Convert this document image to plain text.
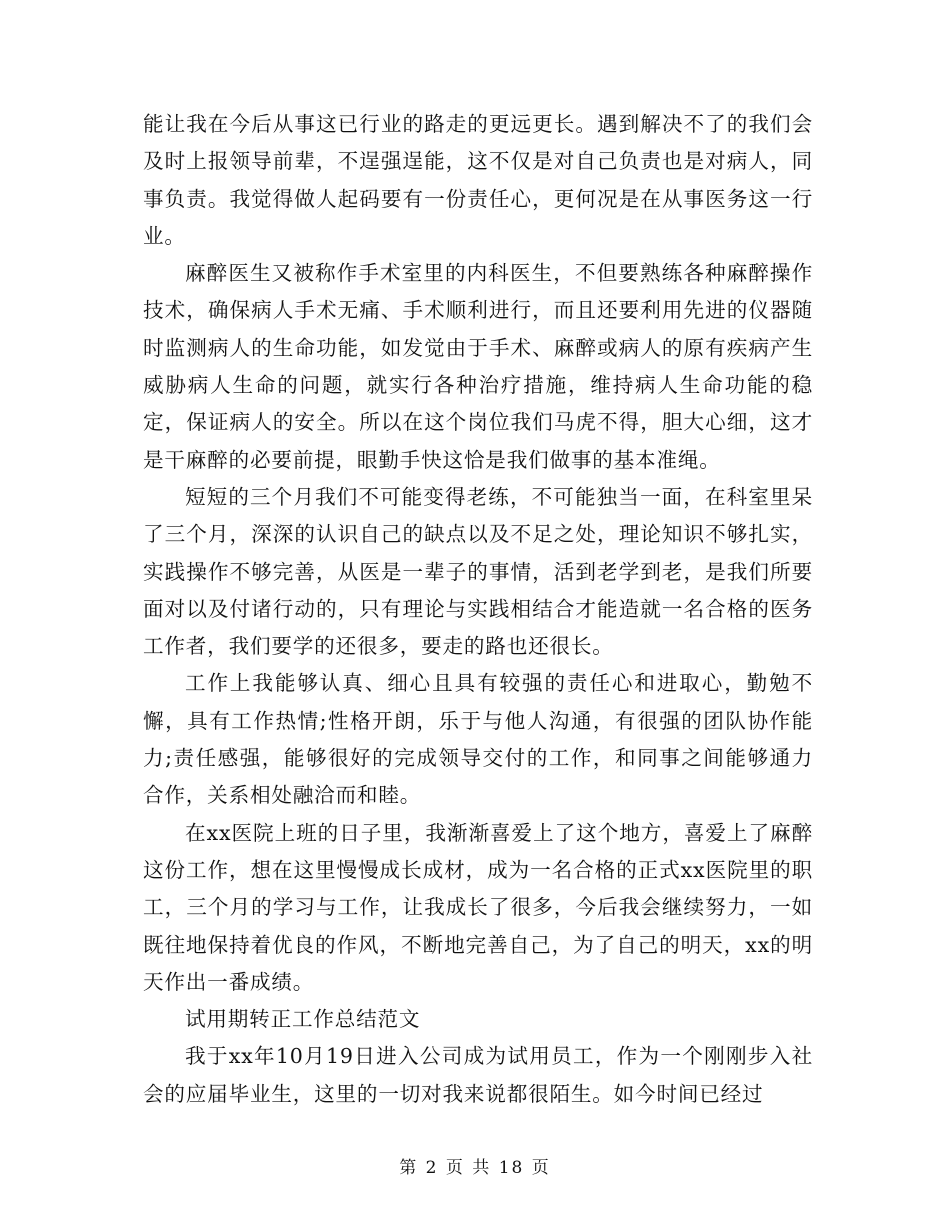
能让我在今后从事这已行业的路走的更远更长。遇到解决不了的我们会及时上报领导前辈，不逞强逞能，这不仅是对自己负责也是对病人，同事负责。我觉得做人起码要有一份责任心，更何况是在从事医务这一行业。

麻醉医生又被称作手术室里的内科医生，不但要熟练各种麻醉操作技术，确保病人手术无痛、手术顺利进行，而且还要利用先进的仪器随时监测病人的生命功能，如发觉由于手术、麻醉或病人的原有疾病产生威胁病人生命的问题，就实行各种治疗措施，维持病人生命功能的稳定，保证病人的安全。所以在这个岗位我们马虎不得，胆大心细，这才是干麻醉的必要前提，眼勤手快这恰是我们做事的基本准绳。

短短的三个月我们不可能变得老练，不可能独当一面，在科室里呆了三个月，深深的认识自己的缺点以及不足之处，理论知识不够扎实，实践操作不够完善，从医是一辈子的事情，活到老学到老，是我们所要面对以及付诸行动的，只有理论与实践相结合才能造就一名合格的医务工作者，我们要学的还很多，要走的路也还很长。

工作上我能够认真、细心且具有较强的责任心和进取心，勤勉不懈，具有工作热情;性格开朗，乐于与他人沟通，有很强的团队协作能力;责任感强，能够很好的完成领导交付的工作，和同事之间能够通力合作，关系相处融洽而和睦。

在xx医院上班的日子里，我渐渐喜爱上了这个地方，喜爱上了麻醉这份工作，想在这里慢慢成长成材，成为一名合格的正式xx医院里的职工，三个月的学习与工作，让我成长了很多，今后我会继续努力，一如既往地保持着优良的作风，不断地完善自己，为了自己的明天，xx的明天作出一番成绩。

试用期转正工作总结范文

我于xx年10月19日进入公司成为试用员工，作为一个刚刚步入社会的应届毕业生，这里的一切对我来说都很陌生。如今时间已经过

第 2 页 共 18 页
